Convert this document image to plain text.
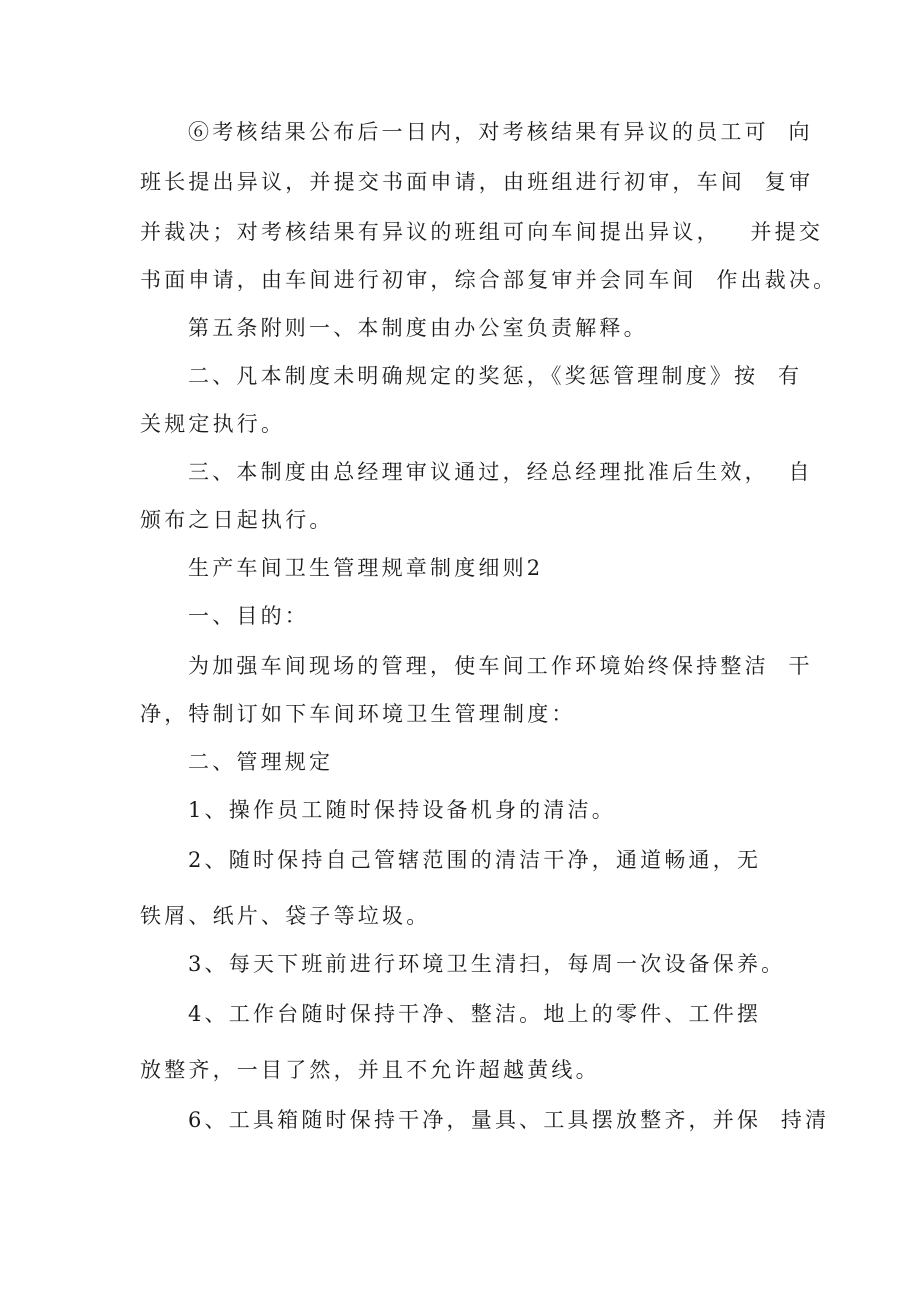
⑥考核结果公布后一日内，对考核结果有异议的员工可  向
班长提出异议，并提交书面申请，由班组进行初审，车间  复审
并裁决；对考核结果有异议的班组可向车间提出异议，   并提交
书面申请，由车间进行初审，综合部复审并会同车间  作出裁决。
第五条附则一、本制度由办公室负责解释。
二、凡本制度未明确规定的奖惩，《奖惩管理制度》按  有
关规定执行。
三、本制度由总经理审议通过，经总经理批准后生效，  自
颁布之日起执行。
生产车间卫生管理规章制度细则2
一、目的：
为加强车间现场的管理，使车间工作环境始终保持整洁  干
净，特制订如下车间环境卫生管理制度：
二、管理规定
1、操作员工随时保持设备机身的清洁。
2、随时保持自己管辖范围的清洁干净，通道畅通，无
铁屑、纸片、袋子等垃圾。
3、每天下班前进行环境卫生清扫，每周一次设备保养。
4、工作台随时保持干净、整洁。地上的零件、工件摆
放整齐，一目了然，并且不允许超越黄线。
6、工具箱随时保持干净，量具、工具摆放整齐，并保  持清
